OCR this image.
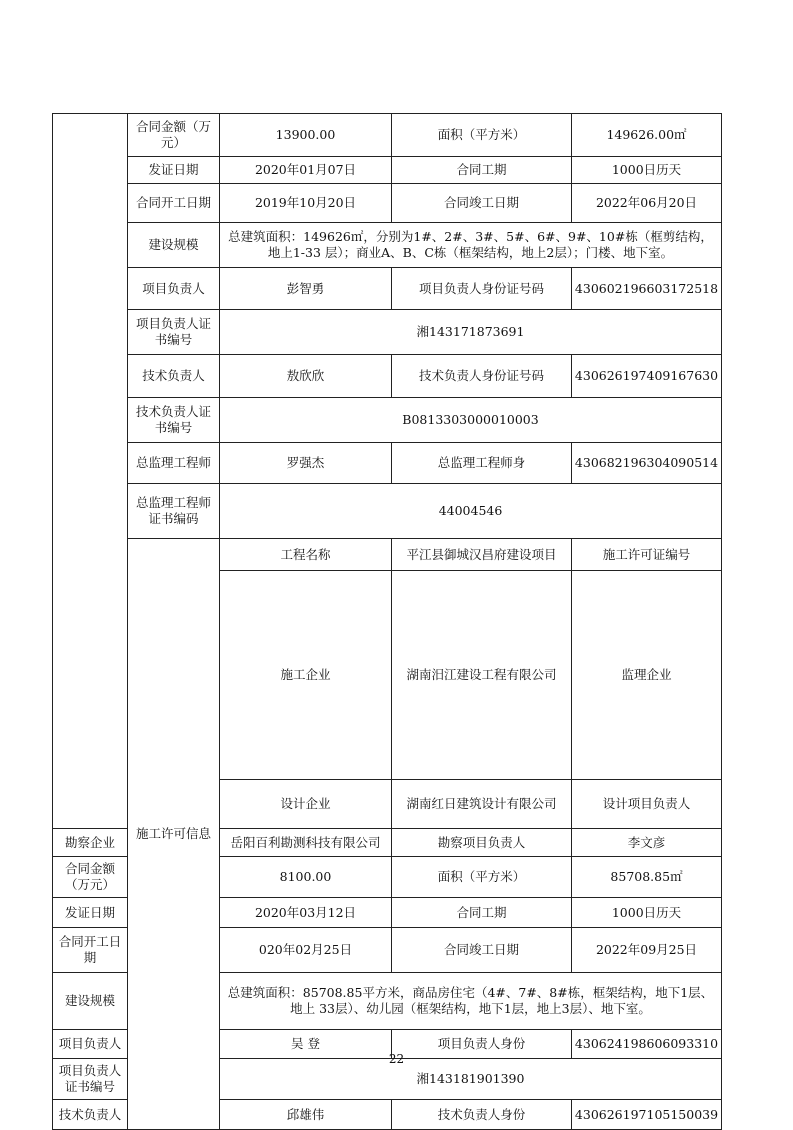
	合同金额（万元）	13900.00	面积（平方米）	149626.00㎡	
	发证日期	2020年01月07日	合同工期	1000日历天	
	合同开工日期	2019年10月20日	合同竣工日期	2022年06月20日	
	建设规模	总建筑面积：149626㎡，分别为1#、2#、3#、5#、6#、9#、10#栋（框剪结构，地上1-33 层）；商业A、B、C栋（框架结构，地上2层）；门楼、地下室。			
	项目负责人	彭智勇	项目负责人身份证号码	430602196603172518	
	项目负责人证书编号	湘143171873691			
	技术负责人	敖欣欣	技术负责人身份证号码	430626197409167630	
	技术负责人证书编号	B0813303000010003			
	总监理工程师	罗强杰	总监理工程师身	430682196304090514	
	总监理工程师证书编码	44004546			
	施工许可信息	工程名称	平江县御城汉昌府建设项目	施工许可证编号	
		施工企业	湖南汨江建设工程有限公司	监理企业	
		设计企业	湖南红日建筑设计有限公司	设计项目负责人	
勘察企业		岳阳百利勘测科技有限公司	勘察项目负责人	李文彦	
合同金额（万元）		8100.00	面积（平方米）	85708.85㎡	
发证日期		2020年03月12日	合同工期	1000日历天	
合同开工日期		020年02月25日	合同竣工日期	2022年09月25日	
建设规模		总建筑面积：85708.85平方米，商品房住宅（4#、7#、8#栋，框架结构，地下1层、地上 33层）、幼儿园（框架结构，地下1层，地上3层）、地下室。			
项目负责人		吴 登	项目负责人身份	430624198606093310	
项目负责人证书编号		湘143181901390			
技术负责人		邱雄伟	技术负责人身份	430626197105150039	
22
